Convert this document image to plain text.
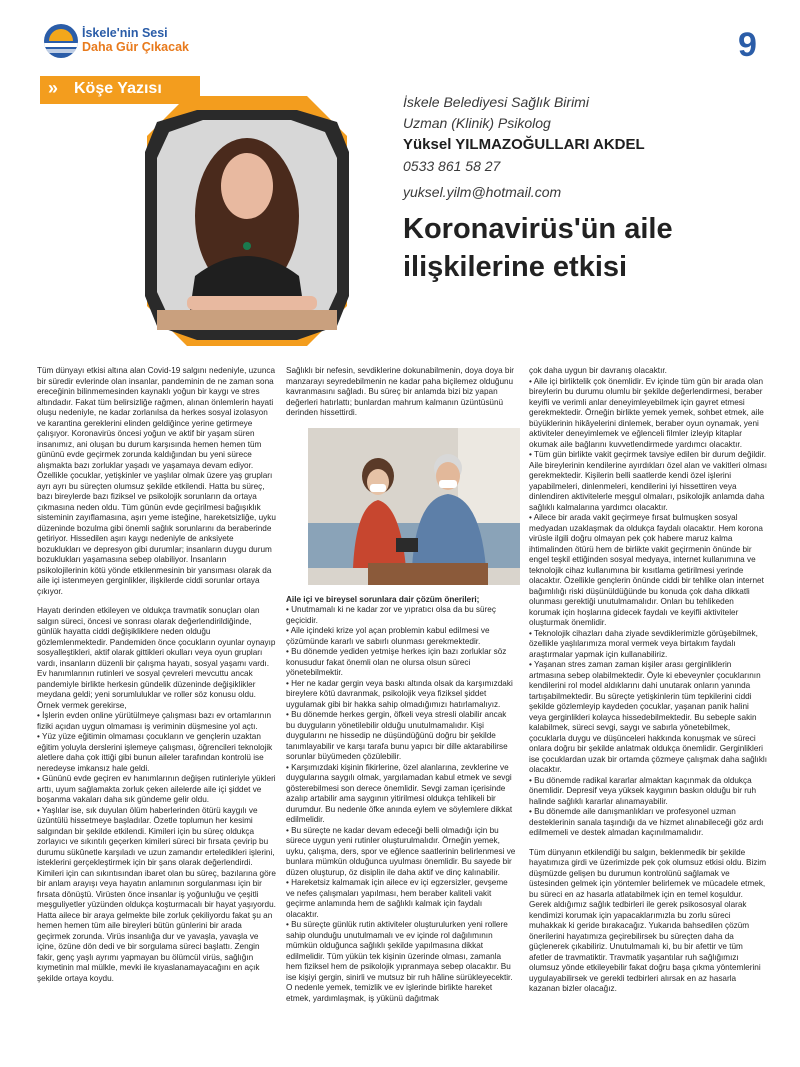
İskele'nin Sesi
Daha Gür Çıkacak	9
›› Köşe Yazısı
İskele Belediyesi Sağlık Birimi
Uzman (Klinik) Psikolog
Yüksel YILMAZOĞULLARI AKDEL
0533 861 58 27
yuksel.yilm@hotmail.com
Koronavirüs'ün aile
ilişkilerine etkisi

Tüm dünyayı etkisi altına alan Covid-19 salgını nedeniyle, uzunca bir süredir evlerinde olan insanlar, pandeminin de ne zaman sona ereceğinin bilinmemesinden kaynaklı yoğun bir kaygı ve stres altındadır. Fakat tüm belirsizliğe rağmen, alınan önlemlerin hayati oluşu nedeniyle, ne kadar zorlanılsa da herkes sosyal izolasyon ve karantina gereklerini elinden geldiğince yerine getirmeye çalışıyor. Koronavirüs öncesi yoğun ve aktif bir yaşam süren insanımız, ani oluşan bu durum karşısında hemen hemen tüm gününü evde geçirmek zorunda kaldığından bu yeni sürece alışmakta bazı zorluklar yaşadı ve yaşamaya devam ediyor. Özellikle çocuklar, yetişkinler ve yaşlılar olmak üzere yaş grupları ayrı ayrı bu süreçten olumsuz şekilde etkilendi. Hatta bu süreç, bazı bireylerde bazı fiziksel ve psikolojik sorunların da ortaya çıkmasına neden oldu. Tüm günün evde geçirilmesi bağışıklık sisteminin zayıflamasına, aşırı yeme isteğine, hareketsizliğe, uyku düzeninde bozulma gibi önemli sağlık sorunlarını da beraberinde getiriyor. Hissedilen aşırı kaygı nedeniyle de anksiyete bozuklukları ve depresyon gibi durumlar; insanların duygu durum bozuklukları yaşamasına sebep olabiliyor. İnsanların psikolojilerinin kötü yönde etkilenmesinin bir yansıması olarak da aile içi istenmeyen gerginlikler, ilişkilerde ciddi sorunlar ortaya çıkıyor.

Hayatı derinden etkileyen ve oldukça travmatik sonuçları olan salgın süreci, öncesi ve sonrası olarak değerlendirildiğinde, günlük hayatta ciddi değişikliklere neden olduğu gözlemlenmektedir. Pandemiden önce çocukların oyunlar oynayıp sosyalleştikleri, aktif olarak gittikleri okulları veya oyun grupları vardı, insanların düzenli bir çalışma hayatı, sosyal yaşamı vardı. Ev hanımlarının rutinleri ve sosyal çevreleri mevcuttu ancak pandemiyle birlikte herkesin gündelik düzeninde değişiklikler meydana geldi; yeni sorumluluklar ve roller söz konusu oldu. Örnek vermek gerekirse,

• İşlerin evden online yürütülmeye çalışması bazı ev ortamlarının fiziki açıdan uygun olmaması iş veriminin düşmesine yol açtı.

• Yüz yüze eğitimin olmaması çocukların ve gençlerin uzaktan eğitim yoluyla derslerini işlemeye çalışması, öğrencileri teknolojik aletlere daha çok ittiği gibi bunun aileler tarafından kontrolü ise neredeyse imkansız hale geldi.

• Gününü evde geçiren ev hanımlarının değişen rutinleriyle yükleri arttı, uyum sağlamakta zorluk çeken ailelerde aile içi şiddet ve boşanma vakaları daha sık gündeme gelir oldu.

• Yaşlılar ise, sık duyulan ölüm haberlerinden ötürü kaygılı ve üzüntülü hissetmeye başladılar. Özetle toplumun her kesimi salgından bir şekilde etkilendi. Kimileri için bu süreç oldukça zorlayıcı ve sıkıntılı geçerken kimileri süreci bir fırsata çevirip bu durumu sükûnetle karşıladı ve uzun zamandır erteledikleri işlerini, isteklerini gerçekleştirmek için bir şans olarak değerlendirdi.

Kimileri için can sıkıntısından ibaret olan bu süreç, bazılarına göre bir anlam arayışı veya hayatın anlamının sorgulanması için bir fırsata dönüştü. Virüsten önce insanlar iş yoğunluğu ve çeşitli meşguliyetler yüzünden oldukça koşturmacalı bir hayat yaşıyordu. Hatta ailece bir araya gelmekte bile zorluk çekiliyordu fakat şu an hemen hemen tüm aile bireyleri bütün günlerini bir arada geçirmek zorunda. Virüs insanlığa dur ve yavaşla, yavaşla ve içine, özüne dön dedi ve bir sorgulama süreci başlattı. Zengin fakir, genç yaşlı ayrımı yapmayan bu ölümcül virüs, sağlığın kıymetinin mal mülkle, mevki ile kıyaslanamayacağını en açık şekilde ortaya koydu.

Sağlıklı bir nefesin, sevdiklerine dokunabilmenin, doya doya bir manzarayı seyredebilmenin ne kadar paha biçilemez olduğunu kavranmasını sağladı. Bu süreç bir anlamda bizi biz yapan değerleri hatırlattı; bunlardan mahrum kalmanın üzüntüsünü derinden hissettirdi.

Aile içi ve bireysel sorunlara dair çözüm önerileri;

• Unutmamalı ki ne kadar zor ve yıpratıcı olsa da bu süreç geçicidir.

• Aile içindeki krize yol açan problemin kabul edilmesi ve çözümünde kararlı ve sabırlı olunması gerekmektedir.

• Bu dönemde yediden yetmişe herkes için bazı zorluklar söz konusudur fakat önemli olan ne olursa olsun süreci yönetebilmektir.

• Her ne kadar gergin veya baskı altında olsak da karşımızdaki bireylere kötü davranmak, psikolojik veya fiziksel şiddet uygulamak gibi bir hakka sahip olmadığımızı hatırlamalıyız.

• Bu dönemde herkes gergin, öfkeli veya stresli olabilir ancak bu duyguların yönetilebilir olduğu unutulmamalıdır. Kişi duygularını ne hissedip ne düşündüğünü doğru bir şekilde tanımlayabilir ve karşı tarafa bunu yapıcı bir dille aktarabilirse sorunlar büyümeden çözülebilir.

• Karşımızdaki kişinin fikirlerine, özel alanlarına, zevklerine ve duygularına saygılı olmak, yargılamadan kabul etmek ve sevgi gösterebilmesi son derece önemlidir. Sevgi zaman içerisinde azalıp artabilir ama saygının yitirilmesi oldukça tehlikeli bir durumdur. Bu nedenle öfke anında eylem ve söylemlere dikkat edilmelidir.

• Bu süreçte ne kadar devam edeceği belli olmadığı için bu sürece uygun yeni rutinler oluşturulmalıdır. Örneğin yemek, uyku, çalışma, ders, spor ve eğlence saatlerinin belirlenmesi ve bunlara mümkün olduğunca uyulması önemlidir. Bu sayede bir düzen oluşturup, öz disiplin ile daha aktif ve dinç kalınabilir.

• Hareketsiz kalmamak için ailece ev içi egzersizler, gevşeme ve nefes çalışmaları yapılması, hem beraber kaliteli vakit geçirme anlamında hem de sağlıklı kalmak için faydalı olacaktır.

• Bu süreçte günlük rutin aktiviteler oluşturulurken yeni rollere sahip olunduğu unutulmamalı ve ev içinde rol dağılımının mümkün olduğunca sağlıklı şekilde yapılmasına dikkat edilmelidir. Tüm yükün tek kişinin üzerinde olması, zamanla hem fiziksel hem de psikolojik yıpranmaya sebep olacaktır. Bu ise kişiyi gergin, sinirli ve mutsuz bir ruh hâline sürükleyecektir. O nedenle yemek, temizlik ve ev işlerinde birlikte hareket etmek, yardımlaşmak, iş yükünü dağıtmak

çok daha uygun bir davranış olacaktır.

• Aile içi birliktelik çok önemlidir. Ev içinde tüm gün bir arada olan bireylerin bu durumu olumlu bir şekilde değerlendirmesi, beraber keyifli ve verimli anlar deneyimleyebilmek için gayret etmesi gerekmektedir. Örneğin birlikte yemek yemek, sohbet etmek, aile büyüklerinin hikâyelerini dinlemek, beraber oyun oynamak, yeni aktiviteler deneyimlemek ve eğlenceli filmler izleyip kitaplar okumak aile bağlarını kuvvetlendirmede yardımcı olacaktır.

• Tüm gün birlikte vakit geçirmek tavsiye edilen bir durum değildir. Aile bireylerinin kendilerine ayırdıkları özel alan ve vakitleri olması gerekmektedir. Kişilerin belli saatlerde kendi özel işlerini yapabilmeleri, dinlenmeleri, kendilerini iyi hissettiren veya dinlendiren aktivitelerle meşgul olmaları, psikolojik anlamda daha sağlıklı kalmalarına yardımcı olacaktır.

• Ailece bir arada vakit geçirmeye fırsat bulmuşken sosyal medyadan uzaklaşmak da oldukça faydalı olacaktır. Hem korona virüsle ilgili doğru olmayan pek çok habere maruz kalma ihtimalinden ötürü hem de birlikte vakit geçirmenin önünde bir engel teşkil ettiğinden sosyal medyaya, internet kullanımına ve teknolojik cihaz kullanımına bir kısıtlama getirilmesi yerinde olacaktır. Özellikle gençlerin önünde ciddi bir tehlike olan internet bağımlılığı riski düşünüldüğünde bu konuda çok daha dikkatli olunması gerektiği unutulmamalıdır. Onları bu tehlikeden korumak için hoşlarına gidecek faydalı ve keyifli aktiviteler oluşturmak önemlidir.

• Teknolojik cihazları daha ziyade sevdiklerimizle görüşebilmek, özellikle yaşlılarımıza moral vermek veya birtakım faydalı araştırmalar yapmak için kullanabiliriz.

• Yaşanan stres zaman zaman kişiler arası gerginliklerin artmasına sebep olabilmektedir. Öyle ki ebeveynler çocuklarının kendilerini rol model aldıklarını dahi unutarak onların yanında tartışabilmektedir. Bu süreçte yetişkinlerin tüm tepkilerini ciddi şekilde gözlemleyip kaydeden çocuklar, yaşanan panik halini veya gerginlikleri kolayca hissedebilmektedir. Bu sebeple sakin kalabilmek, süreci sevgi, saygı ve sabırla yönetebilmek, çocuklarla duygu ve düşünceleri hakkında konuşmak ve süreci onlara doğru bir şekilde anlatmak oldukça önemlidir. Gerginlikleri ise çocuklardan uzak bir ortamda çözmeye çalışmak daha sağlıklı olacaktır.

• Bu dönemde radikal kararlar almaktan kaçınmak da oldukça önemlidir. Depresif veya yüksek kaygının baskın olduğu bir ruh halinde sağlıklı kararlar alınamayabilir.

• Bu dönemde aile danışmanlıkları ve profesyonel uzman desteklerinin sanala taşındığı da ve hizmet alınabileceği göz ardı edilmemeli ve destek almadan kaçınılmamalıdır.

Tüm dünyanın etkilendiği bu salgın, beklenmedik bir şekilde hayatımıza girdi ve üzerimizde pek çok olumsuz etkisi oldu. Bizim düşmüzde gelişen bu durumun kontrolünü sağlamak ve üstesinden gelmek için yöntemler belirlemek ve mücadele etmek, bu süreci en az hasarla atlatabilmek için en temel koşuldur. Gerek aldığımız sağlık tedbirleri ile gerek psikososyal olarak kendimizi korumak için yapacaklarımızla bu zorlu süreci muhakkak ki geride bırakacağız. Yukarıda bahsedilen çözüm önerilerini hayatımıza geçirebilirsek bu süreçten daha da güçlenerek çıkabiliriz. Unutulmamalı ki, bu bir afettir ve tüm afetler de travmatiktir. Travmatik yaşantılar ruh sağlığımızı olumsuz yönde etkileyebilir fakat doğru başa çıkma yöntemlerini uygulayabilirsek ve gerekli tedbirleri alırsak en az hasarla kazanan bizler olacağız.
